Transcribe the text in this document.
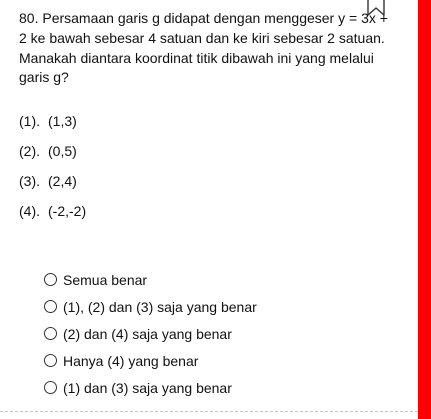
80. Persamaan garis g didapat dengan menggeser y = 3x + 2 ke bawah sebesar 4 satuan dan ke kiri sebesar 2 satuan. Manakah diantara koordinat titik dibawah ini yang melalui garis g?

(1). (1,3)
(2). (0,5)
(3). (2,4)
(4). (-2,-2)
Semua benar
(1), (2) dan (3) saja yang benar
(2) dan (4) saja yang benar
Hanya (4) yang benar
(1) dan (3) saja yang benar
